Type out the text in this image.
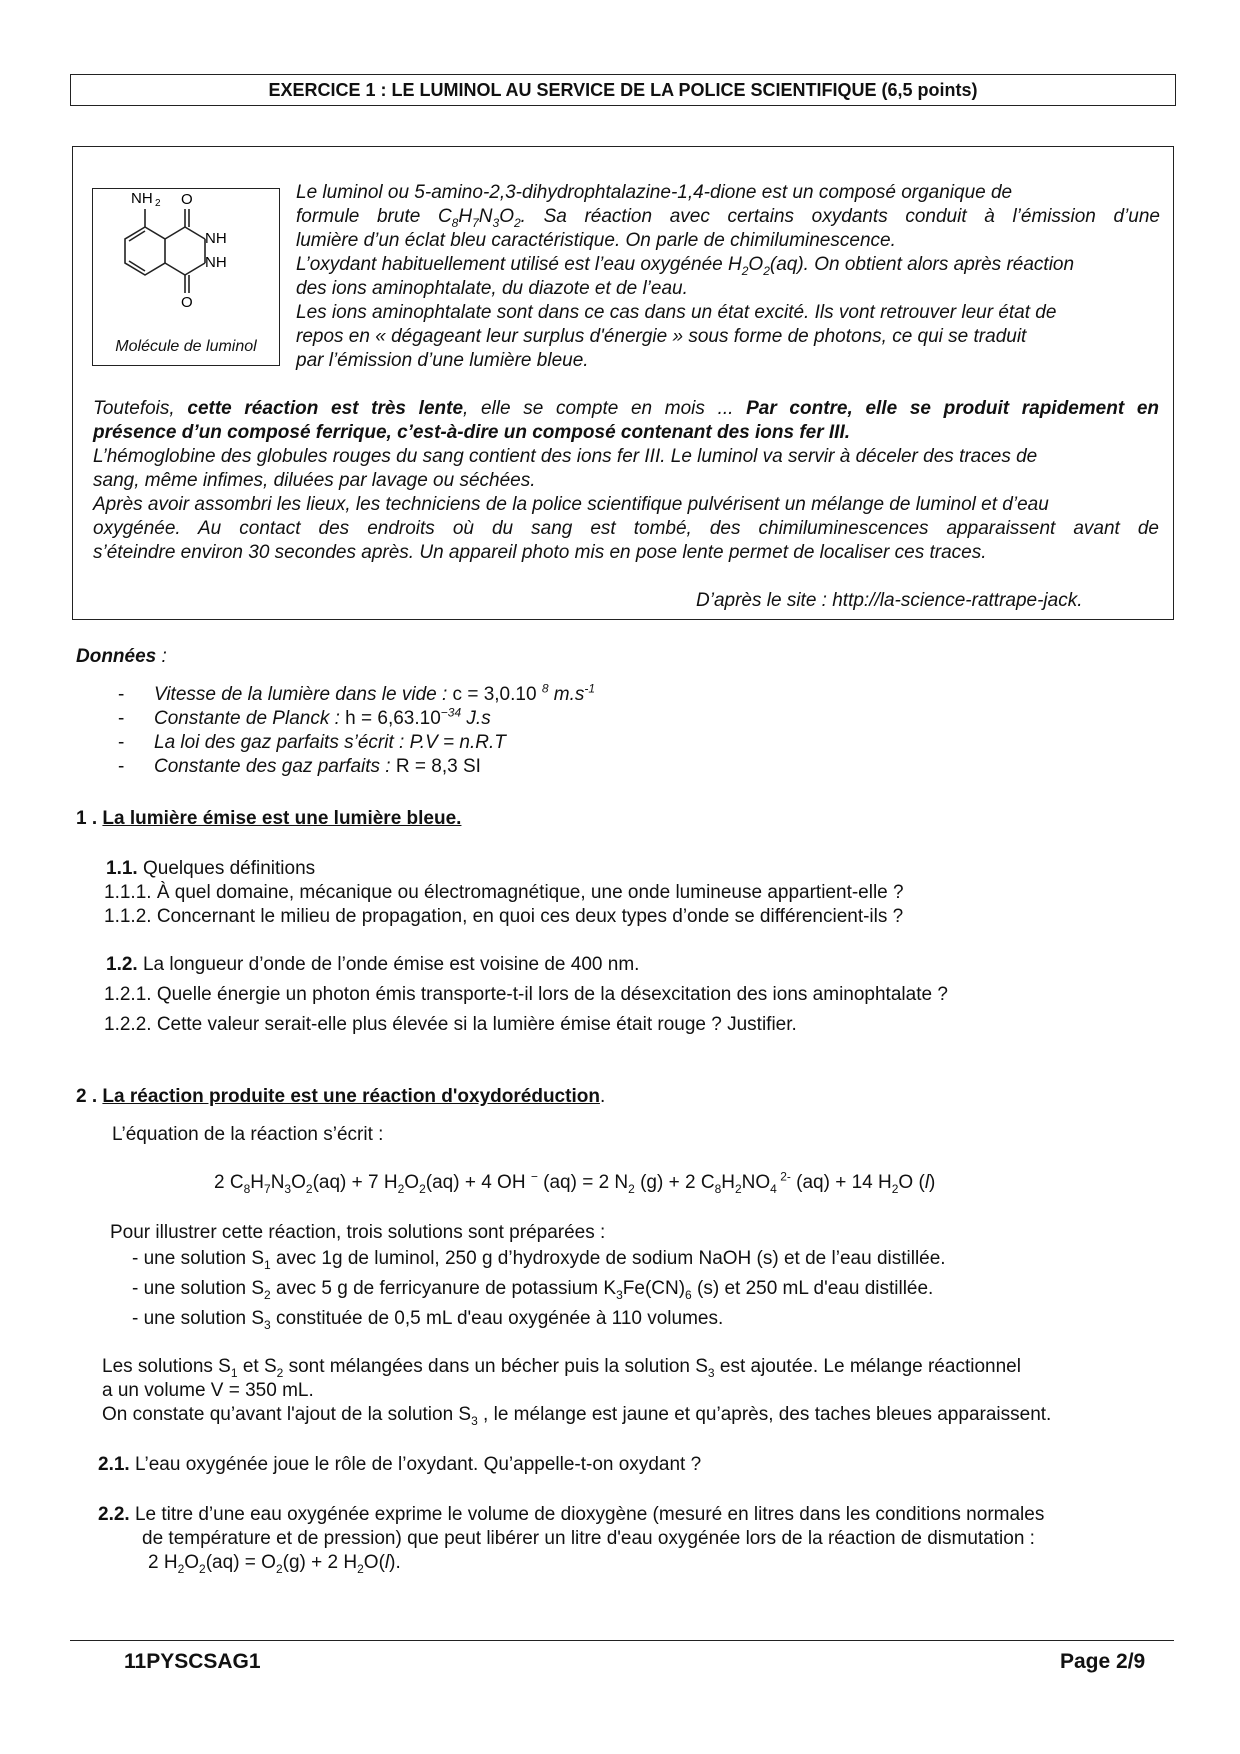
EXERCICE 1 : LE LUMINOL AU SERVICE DE LA POLICE SCIENTIFIQUE (6,5 points)
NH 2 O
NH
NH
O
Molécule de luminol
Le luminol ou 5-amino-2,3-dihydrophtalazine-1,4-dione est un composé organique de
formule brute $C_8H_7N_3O_2$. Sa réaction avec certains oxydants conduit à l’émission d’une
lumière d’un éclat bleu caractéristique. On parle de chimiluminescence.
L’oxydant habituellement utilisé est l’eau oxygénée $H_2O_2(aq)$. On obtient alors après réaction
des ions aminophtalate, du diazote et de l’eau.
Les ions aminophtalate sont dans ce cas dans un état excité. Ils vont retrouver leur état de
repos en « dégageant leur surplus d'énergie » sous forme de photons, ce qui se traduit
par l’émission d’une lumière bleue.
Toutefois, cette réaction est très lente, elle se compte en mois ... Par contre, elle se produit rapidement en
présence d’un composé ferrique, c’est-à-dire un composé contenant des ions fer III.
L’hémoglobine des globules rouges du sang contient des ions fer III. Le luminol va servir à déceler des traces de
sang, même infimes, diluées par lavage ou séchées.
Après avoir assombri les lieux, les techniciens de la police scientifique pulvérisent un mélange de luminol et d’eau
oxygénée. Au contact des endroits où du sang est tombé, des chimiluminescences apparaissent avant de
s’éteindre environ 30 secondes après. Un appareil photo mis en pose lente permet de localiser ces traces.
D’après le site : http://la-science-rattrape-jack.
Données :
- Vitesse de la lumière dans le vide : c = 3,0.10 $^8$ $m.s^{-1}$
- Constante de Planck : $h = 6,63.10^{-34}$ J.s
- La loi des gaz parfaits s’écrit : P.V = n.R.T
- Constante des gaz parfaits : R = 8,3 SI
1 . La lumière émise est une lumière bleue.
1.1. Quelques définitions
1.1.1. À quel domaine, mécanique ou électromagnétique, une onde lumineuse appartient-elle ?
1.1.2. Concernant le milieu de propagation, en quoi ces deux types d’onde se différencient-ils ?
1.2. La longueur d’onde de l’onde émise est voisine de 400 nm.
1.2.1. Quelle énergie un photon émis transporte-t-il lors de la désexcitation des ions aminophtalate ?
1.2.2. Cette valeur serait-elle plus élevée si la lumière émise était rouge ? Justifier.
2 . La réaction produite est une réaction d'oxydoréduction.
L’équation de la réaction s’écrit :
2 $C_8H_7N_3O_2(aq) + 7$ $H_2O_2(aq) + 4$ OH − (aq) = 2 $N_2$ (g) + 2 $C_8H_2NO_4$ $^{2-}$ (aq) + 14 $H_2O$ (l)
Pour illustrer cette réaction, trois solutions sont préparées :
- une solution $S_1$ avec 1g de luminol, 250 g d’hydroxyde de sodium NaOH (s) et de l’eau distillée.
- une solution $S_2$ avec 5 g de ferricyanure de potassium $K_3Fe(CN)_6$ (s) et 250 mL d'eau distillée.
- une solution $S_3$ constituée de 0,5 mL d'eau oxygénée à 110 volumes.
Les solutions $S_1$ et $S_2$ sont mélangées dans un bécher puis la solution $S_3$ est ajoutée. Le mélange réactionnel
a un volume V = 350 mL.
On constate qu’avant l'ajout de la solution $S_3$ , le mélange est jaune et qu’après, des taches bleues apparaissent.
2.1. L’eau oxygénée joue le rôle de l’oxydant. Qu’appelle-t-on oxydant ?
2.2. Le titre d’une eau oxygénée exprime le volume de dioxygène (mesuré en litres dans les conditions normales
de température et de pression) que peut libérer un litre d'eau oxygénée lors de la réaction de dismutation :
2 $H_2O_2(aq) = O_2(g) + 2$ $H_2O(l)$.
11PYSCSAG1	Page 2/9
